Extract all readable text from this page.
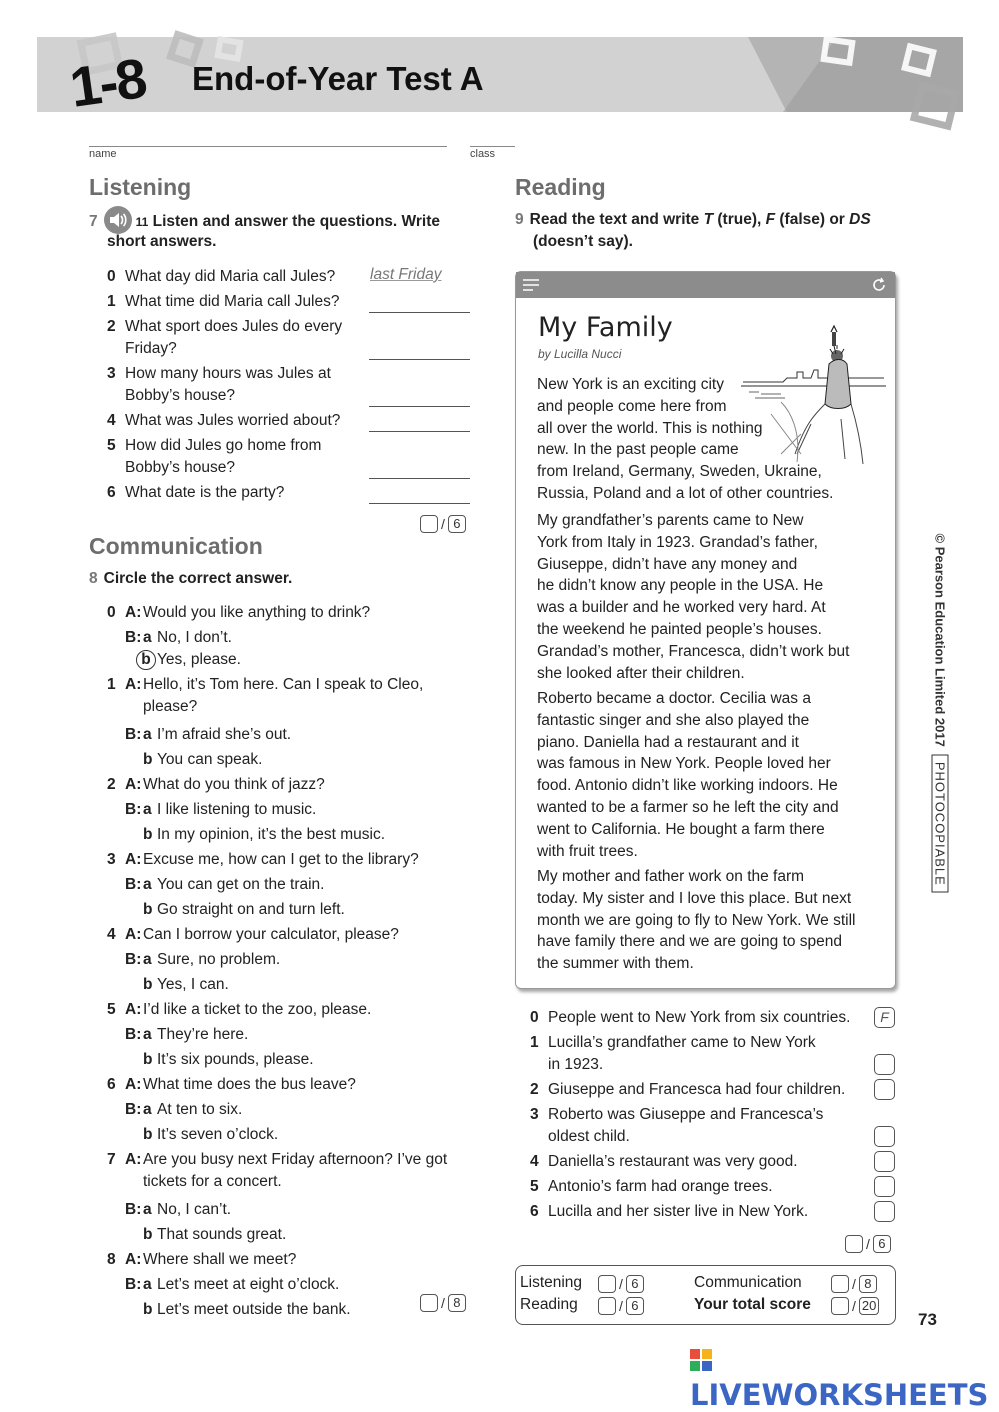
1-8 End-of-Year Test A
name	class
Listening
7	11 Listen and answer the questions. Write
short answers.
0 What day did Maria call Jules? last Friday
1 What time did Maria call Jules?
2 What sport does Jules do every
Friday?
3 How many hours was Jules at
Bobby’s house?
4 What was Jules worried about?
5 How did Jules go home from
Bobby’s house?
6 What date is the party?
/ 6
Communication
8 Circle the correct answer.
0 A: Would you like anything to drink?
B: a No, I don’t.
b Yes, please.
1 A: Hello, it’s Tom here. Can I speak to Cleo,
please?
B: a I’m afraid she’s out.
b You can speak.
2 A: What do you think of jazz?
B: a I like listening to music.
b In my opinion, it’s the best music.
3 A: Excuse me, how can I get to the library?
B: a You can get on the train.
b Go straight on and turn left.
4 A: Can I borrow your calculator, please?
B: a Sure, no problem.
b Yes, I can.
5 A: I’d like a ticket to the zoo, please.
B: a They’re here.
b It’s six pounds, please.
6 A: What time does the bus leave?
B: a At ten to six.
b It’s seven o’clock.
7 A: Are you busy next Friday afternoon? I’ve got
tickets for a concert.
B: a No, I can’t.
b That sounds great.
8 A: Where shall we meet?
B: a Let’s meet at eight o’clock.
b Let’s meet outside the bank.	/ 8
Reading
9 Read the text and write T (true), F (false) or DS
(doesn’t say).
My Family
by Lucilla Nucci
New York is an exciting city
and people come here from
all over the world. This is nothing
new. In the past people came
from Ireland, Germany, Sweden, Ukraine,
Russia, Poland and a lot of other countries.
My grandfather’s parents came to New
York from Italy in 1923. Grandad’s father,
Giuseppe, didn’t have any money and
he didn’t know any people in the USA. He
was a builder and he worked very hard. At
the weekend he painted people’s houses.
Grandad’s mother, Francesca, didn’t work but
she looked after their children.
Roberto became a doctor. Cecilia was a
fantastic singer and she also played the
piano. Daniella had a restaurant and it
was famous in New York. People loved her
food. Antonio didn’t like working indoors. He
wanted to be a farmer so he left the city and
went to California. He bought a farm there
with fruit trees.
My mother and father work on the farm
today. My sister and I love this place. But next
month we are going to fly to New York. We still
have family there and we are going to spend
the summer with them.
0 People went to New York from six countries.	F
1 Lucilla’s grandfather came to New York
in 1923.
2 Giuseppe and Francesca had four children.
3 Roberto was Giuseppe and Francesca’s
oldest child.
4 Daniella’s restaurant was very good.
5 Antonio’s farm had orange trees.
6 Lucilla and her sister live in New York.
/ 6
Listening	/ 6
Reading	/ 6
Communication	/ 8
Your total score	/ 20
73
© Pearson Education Limited 2017PHOTOCOPIABLE
LIVEWORKSHEETS
